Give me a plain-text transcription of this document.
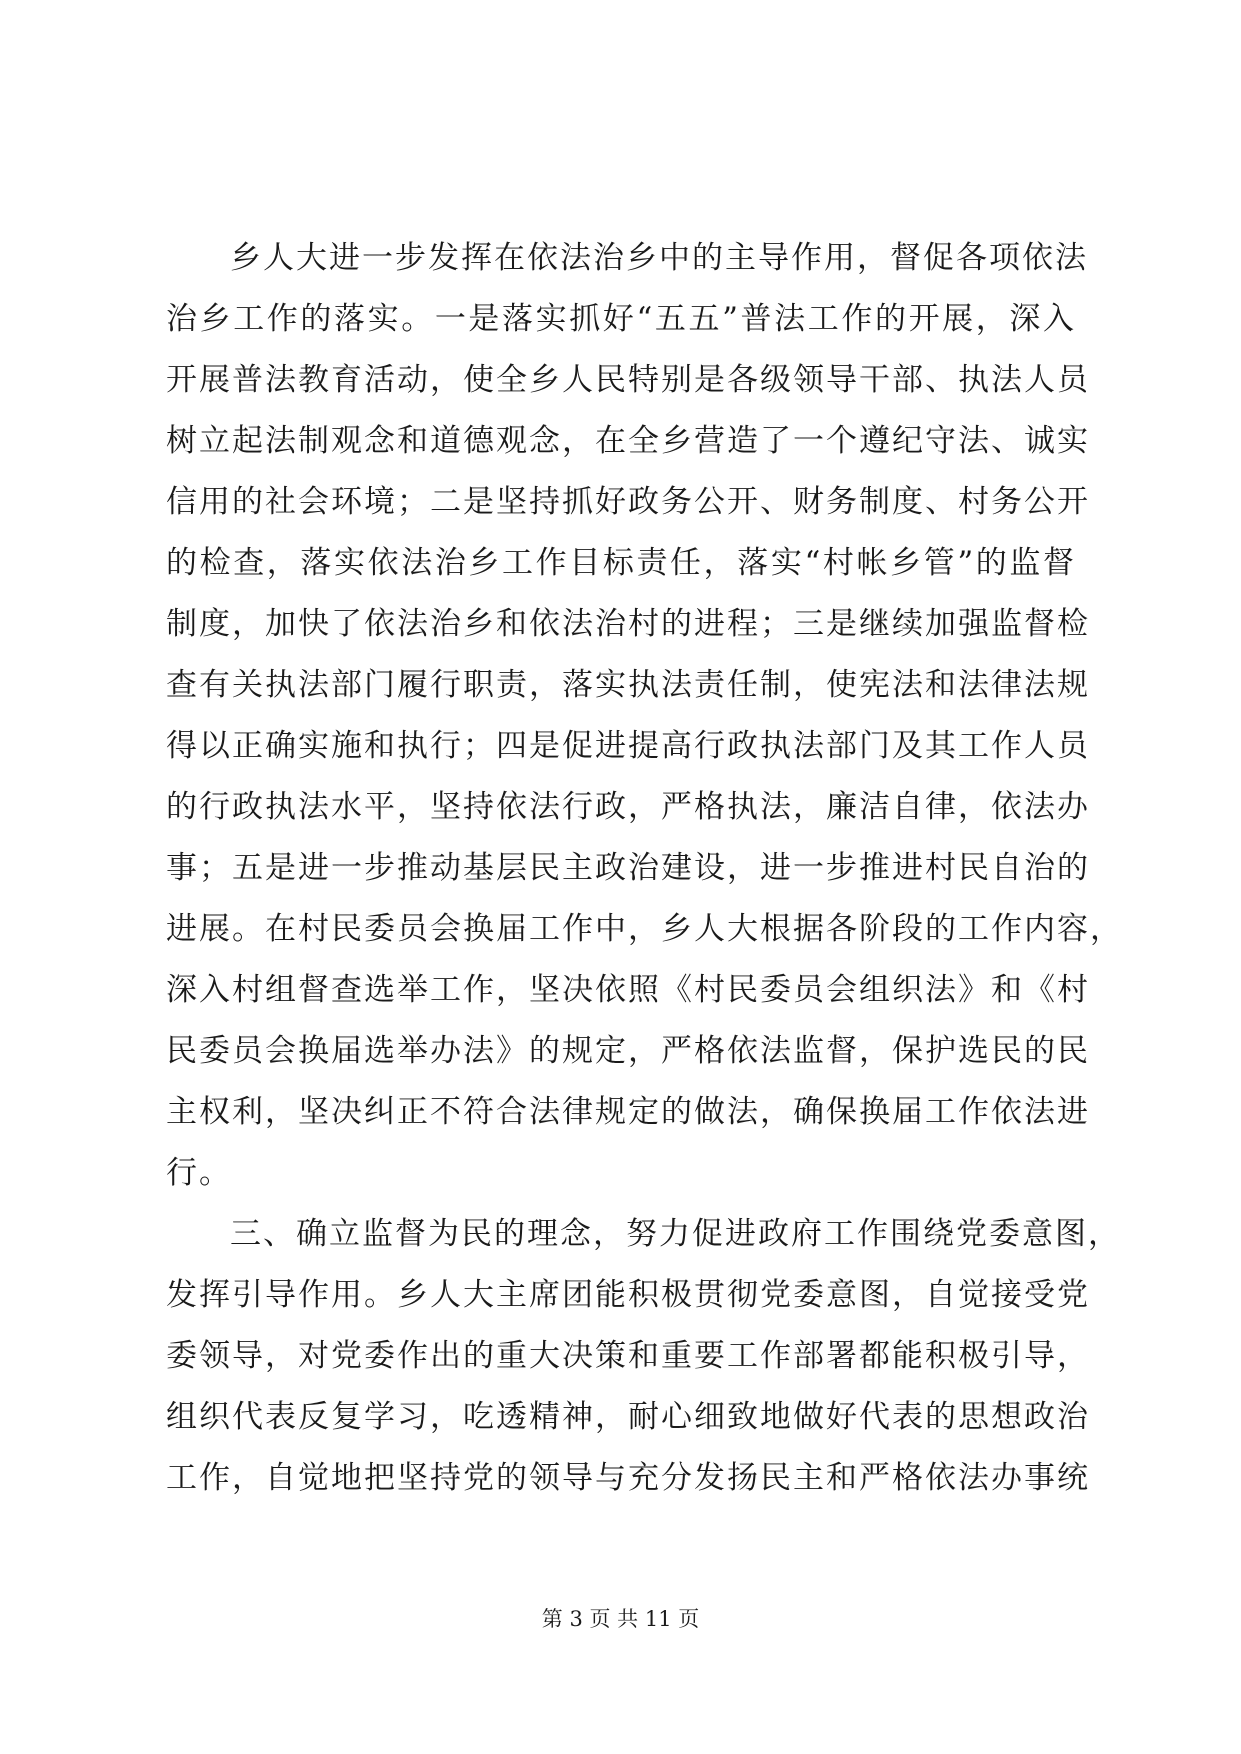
乡人大进一步发挥在依法治乡中的主导作用，督促各项依法
治乡工作的落实。一是落实抓好“五五”普法工作的开展，深入
开展普法教育活动，使全乡人民特别是各级领导干部、执法人员
树立起法制观念和道德观念，在全乡营造了一个遵纪守法、诚实
信用的社会环境；二是坚持抓好政务公开、财务制度、村务公开
的检查，落实依法治乡工作目标责任，落实“村帐乡管”的监督
制度，加快了依法治乡和依法治村的进程；三是继续加强监督检
查有关执法部门履行职责，落实执法责任制，使宪法和法律法规
得以正确实施和执行；四是促进提高行政执法部门及其工作人员
的行政执法水平，坚持依法行政，严格执法，廉洁自律，依法办
事；五是进一步推动基层民主政治建设，进一步推进村民自治的
进展。在村民委员会换届工作中，乡人大根据各阶段的工作内容，
深入村组督查选举工作，坚决依照《村民委员会组织法》和《村
民委员会换届选举办法》的规定，严格依法监督，保护选民的民
主权利，坚决纠正不符合法律规定的做法，确保换届工作依法进
行。
三、确立监督为民的理念，努力促进政府工作围绕党委意图，
发挥引导作用。乡人大主席团能积极贯彻党委意图，自觉接受党
委领导，对党委作出的重大决策和重要工作部署都能积极引导，
组织代表反复学习，吃透精神，耐心细致地做好代表的思想政治
工作，自觉地把坚持党的领导与充分发扬民主和严格依法办事统
第 3 页 共 11 页
